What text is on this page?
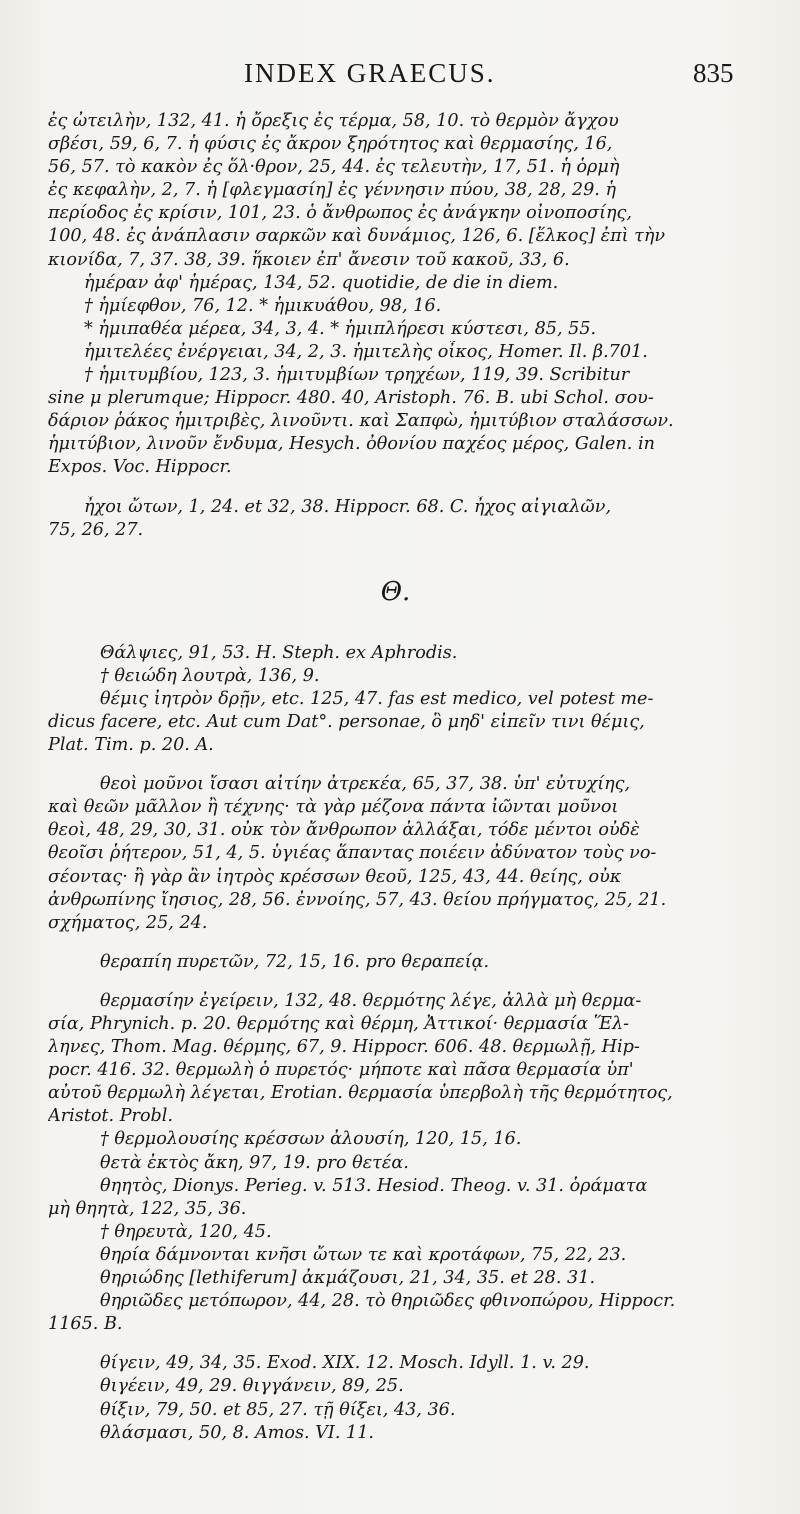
INDEX GRAECUS.	835
ἐς ὠτειλὴν, 132, 41. ἡ ὄρεξις ἐς τέρμα, 58, 10. τὸ θερμὸν ἄγχου
σβέσι, 59, 6, 7. ἡ φύσις ἐς ἄκρον ξηρότητος καὶ θερμασίης, 16,
56, 57. τὸ κακὸν ἐς ὅλ·θρον, 25, 44. ἐς τελευτὴν, 17, 51. ἡ ὁρμὴ
ἐς κεφαλὴν, 2, 7. ἡ [φλεγμασίη] ἐς γέννησιν πύου, 38, 28, 29. ἡ
περίοδος ἐς κρίσιν, 101, 23. ὁ ἄνθρωπος ἐς ἀνάγκην οἰνοποσίης,
100, 48. ἐς ἀνάπλασιν σαρκῶν καὶ δυνάμιος, 126, 6. [ἕλκος] ἐπὶ τὴν
κιονίδα, 7, 37. 38, 39. ἥκοιεν ἐπ' ἄνεσιν τοῦ κακοῦ, 33, 6.
ἡμέραν ἀφ' ἡμέρας, 134, 52. quotidie, de die in diem.
† ἡμίεφθον, 76, 12. * ἡμικυάθου, 98, 16.
* ἡμιπαθέα μέρεα, 34, 3, 4. * ἡμιπλήρεσι κύστεσι, 85, 55.
ἡμιτελέες ἐνέργειαι, 34, 2, 3. ἡμιτελὴς οἶκος, Homer. Il. β.701.
† ἡμιτυμβίου, 123, 3. ἡμιτυμβίων τρηχέων, 119, 39. Scribitur
sine μ plerumque; Hippocr. 480. 40, Aristoph. 76. B. ubi Schol. σου-
δάριον ῥάκος ἡμιτριβὲς, λινοῦντι. καὶ Σαπφὼ, ἡμιτύβιον σταλάσσων.
ἡμιτύβιον, λινοῦν ἔνδυμα, Hesych. ὀθονίου παχέος μέρος, Galen. in
Expos. Voc. Hippocr.
ἦχοι ὤτων, 1, 24. et 32, 38. Hippocr. 68. C. ἦχος αἰγιαλῶν,
75, 26, 27.
Θ.
Θάλψιες, 91, 53. H. Steph. ex Aphrodis.
† θειώδη λουτρὰ, 136, 9.
θέμις ἰητρὸν δρῇν, etc. 125, 47. fas est medico, vel potest me-
dicus facere, etc. Aut cum Dat°. personae, ὃ μηδ' εἰπεῖν τινι θέμις,
Plat. Tim. p. 20. A.
θεοὶ μοῦνοι ἴσασι αἰτίην ἀτρεκέα, 65, 37, 38. ὑπ' εὐτυχίης,
καὶ θεῶν μᾶλλον ἢ τέχνης· τὰ γὰρ μέζονα πάντα ἰῶνται μοῦνοι
θεοὶ, 48, 29, 30, 31. οὐκ τὸν ἄνθρωπον ἀλλάξαι, τόδε μέντοι οὐδὲ
θεοῖσι ῥήτερον, 51, 4, 5. ὑγιέας ἅπαντας ποιέειν ἀδύνατον τοὺς νο-
σέοντας· ἢ γὰρ ἂν ἰητρὸς κρέσσων θεοῦ, 125, 43, 44. θείης, οὐκ
ἀνθρωπίνης ἴησιος, 28, 56. ἐννοίης, 57, 43. θείου πρήγματος, 25, 21.
σχήματος, 25, 24.
θεραπίη πυρετῶν, 72, 15, 16. pro θεραπείᾳ.
θερμασίην ἐγείρειν, 132, 48. θερμότης λέγε, ἀλλὰ μὴ θερμα-
σία, Phrynich. p. 20. θερμότης καὶ θέρμη, Ἀττικοί· θερμασία Ἕλ-
ληνες, Thom. Mag. θέρμης, 67, 9. Hippocr. 606. 48. θερμωλῇ, Hip-
pocr. 416. 32. θερμωλὴ ὁ πυρετός· μήποτε καὶ πᾶσα θερμασία ὑπ'
αὐτοῦ θερμωλὴ λέγεται, Erotian. θερμασία ὑπερβολὴ τῆς θερμότητος,
Aristot. Probl.
† θερμολουσίης κρέσσων ἀλουσίη, 120, 15, 16.
θετὰ ἐκτὸς ἄκη, 97, 19. pro θετέα.
θηητὸς, Dionys. Perieg. v. 513. Hesiod. Theog. v. 31. ὁράματα
μὴ θηητὰ, 122, 35, 36.
† θηρευτὰ, 120, 45.
θηρία δάμνονται κνῆσι ὤτων τε καὶ κροτάφων, 75, 22, 23.
θηριώδης [lethiferum] ἀκμάζουσι, 21, 34, 35. et 28. 31.
θηριῶδες μετόπωρον, 44, 28. τὸ θηριῶδες φθινοπώρου, Hippocr.
1165. B.
θίγειν, 49, 34, 35. Exod. XIX. 12. Mosch. Idyll. 1. v. 29.
θιγέειν, 49, 29. θιγγάνειν, 89, 25.
θίξιν, 79, 50. et 85, 27. τῇ θίξει, 43, 36.
θλάσμασι, 50, 8. Amos. VI. 11.
